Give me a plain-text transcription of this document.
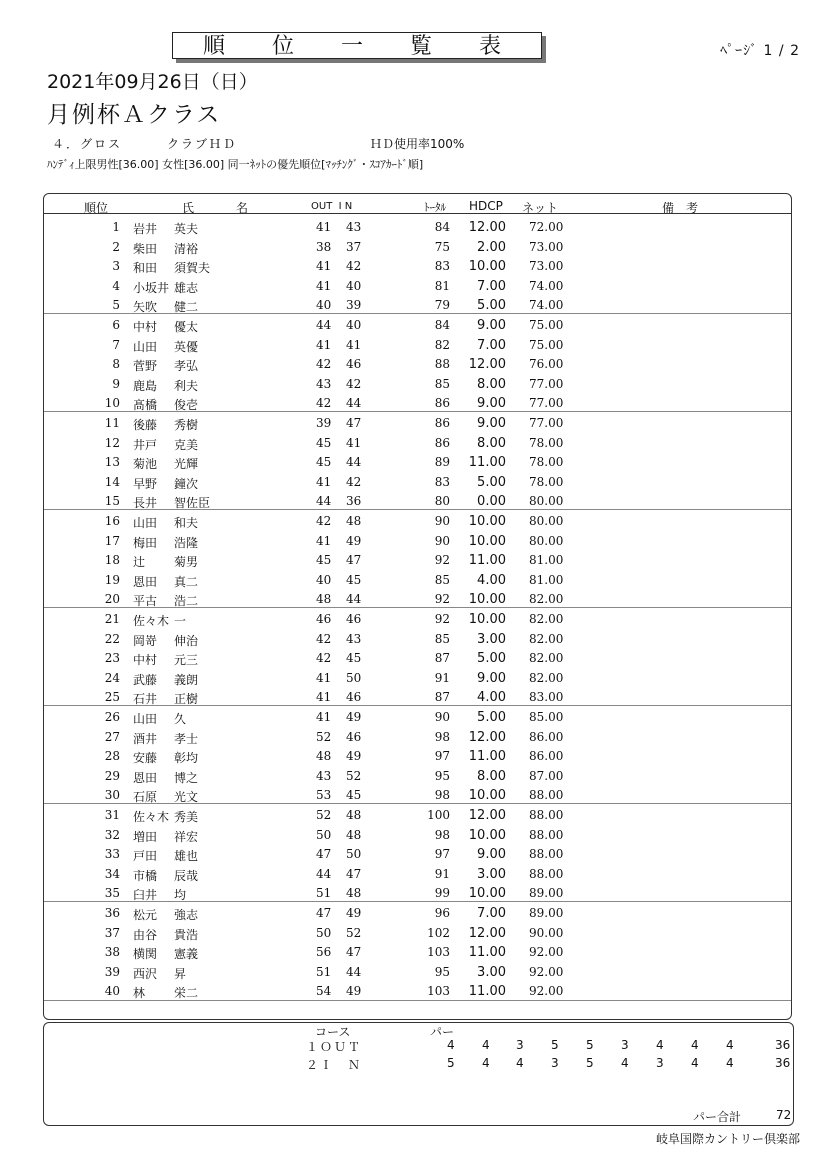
順 位 一 覧 表	ﾍﾟｰｼﾞ 1 / 2
2021年09月26日（日）
月例杯Ａクラス
４．グロス	クラブＨＤ	ＨＤ使用率100%
ﾊﾝﾃﾞｨ上限男性[36.00] 女性[36.00] 同一ﾈｯﾄの優先順位[ﾏｯﾁﾝｸﾞ・ｽｺｱｶｰﾄﾞ順]
順位	氏	名	OUT  I N	ﾄｰﾀﾙ HDCP ネット	備　考
1 岩井 英夫	41 43	84	12.00 72.00
2 柴田 清裕	38 37	75	2.00 73.00
3 和田 須賀夫	41 42	83	10.00 73.00
4 小坂井 雄志	41 40	81	7.00 74.00
5 矢吹 健二	40 39	79	5.00 74.00
6 中村 優太	44 40	84	9.00 75.00
7 山田 英優	41 41	82	7.00 75.00
8 菅野 孝弘	42 46	88	12.00 76.00
9 鹿島 利夫	43 42	85	8.00 77.00
10 髙橋 俊壱	42 44	86	9.00 77.00
11 後藤 秀樹	39 47	86	9.00 77.00
12 井戸 克美	45 41	86	8.00 78.00
13 菊池 光輝	45 44	89	11.00 78.00
14 早野 鐘次	41 42	83	5.00 78.00
15 長井 智佐臣	44 36	80	0.00 80.00
16 山田 和夫	42 48	90	10.00 80.00
17 梅田 浩隆	41 49	90	10.00 80.00
18 辻 菊男	45 47	92	11.00 81.00
19 恩田 真二	40 45	85	4.00 81.00
20 平古 浩二	48 44	92	10.00 82.00
21 佐々木 一	46 46	92	10.00 82.00
22 岡嵜 伸治	42 43	85	3.00 82.00
23 中村 元三	42 45	87	5.00 82.00
24 武藤 義朗	41 50	91	9.00 82.00
25 石井 正樹	41 46	87	4.00 83.00
26 山田 久	41 49	90	5.00 85.00
27 酒井 孝士	52 46	98	12.00 86.00
28 安藤 彰均	48 49	97	11.00 86.00
29 恩田 博之	43 52	95	8.00 87.00
30 石原 光文	53 45	98	10.00 88.00
31 佐々木 秀美	52 48	100	12.00 88.00
32 増田 祥宏	50 48	98	10.00 88.00
33 戸田 雄也	47 50	97	9.00 88.00
34 市橋 辰哉	44 47	91	3.00 88.00
35 臼井 均	51 48	99	10.00 89.00
36 松元 強志	47 49	96	7.00 89.00
37 由谷 貴浩	50 52	102	12.00 90.00
38 横関 憲義	56 47	103	11.00 92.00
39 西沢 昇	51 44	95	3.00 92.00
40 林 栄二	54 49	103	11.00 92.00
コース	パー
１ＯＵＴ	4 4 3 5 5 3 4 4 4	36
２Ｉ　Ｎ	5 4 4 3 5 4 3 4 4	36
パー合計	72
岐阜国際カントリー倶楽部
